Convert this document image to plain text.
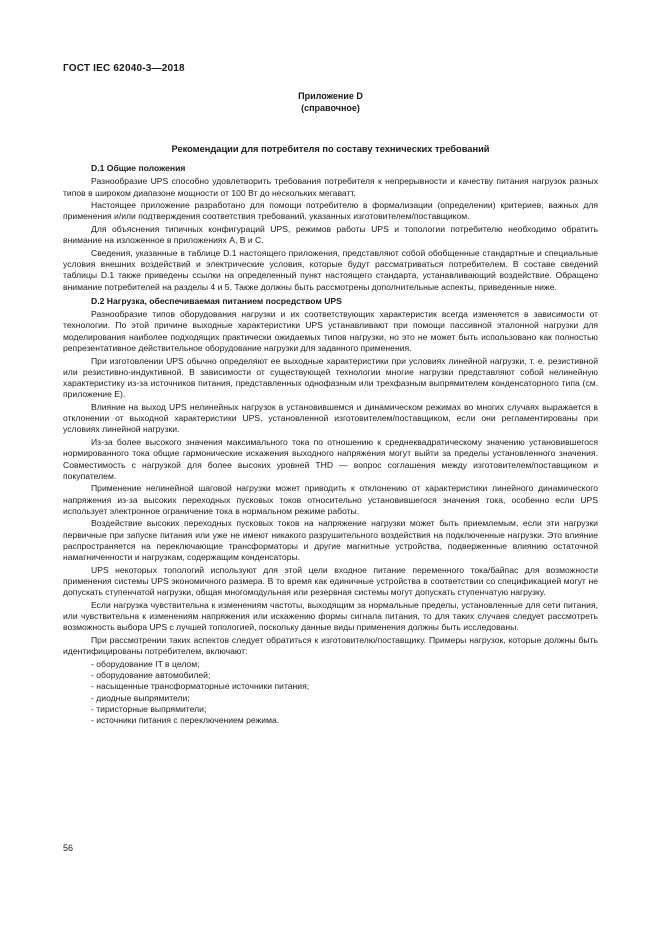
ГОСТ IEC 62040-3—2018
Приложение D
(справочное)
Рекомендации для потребителя по составу технических требований
D.1 Общие положения

Разнообразие UPS способно удовлетворить требования потребителя к непрерывности и качеству питания нагрузок разных типов в широком диапазоне мощности от 100 Вт до нескольких мегаватт.

Настоящее приложение разработано для помощи потребителю в формализации (определении) критериев, важных для применения и/или подтверждения соответствия требований, указанных изготовителем/поставщиком.

Для объяснения типичных конфигураций UPS, режимов работы UPS и топологии потребителю необходимо обратить внимание на изложенное в приложениях А, В и С.

Сведения, указанные в таблице D.1 настоящего приложения, представляют собой обобщенные стандартные и специальные условия внешних воздействий и электрические условия, которые будут рассматриваться потребителем. В составе сведений таблицы D.1 также приведены ссылки на определенный пункт настоящего стандарта, устанавливающий воздействие. Обращено внимание потребителей на разделы 4 и 5. Также должны быть рассмотрены дополнительные аспекты, приведенные ниже.

D.2 Нагрузка, обеспечиваемая питанием посредством UPS

Разнообразие типов оборудования нагрузки и их соответствующих характеристик всегда изменяется в зависимости от технологии. По этой причине выходные характеристики UPS устанавливают при помощи пассивной эталонной нагрузки для моделирования наиболее подходящих практически ожидаемых типов нагрузки, но это не может быть использовано как полностью репрезентативное действительное оборудование нагрузки для заданного применения.

При изготовлении UPS обычно определяют ее выходные характеристики при условиях линейной нагрузки, т. е. резистивной или резистивно-индуктивной. В зависимости от существующей технологии многие нагрузки представляют собой нелинейную характеристику из-за источников питания, представленных однофазным или трехфазным выпрямителем конденсаторного типа (см. приложение Е).

Влияние на выход UPS нелинейных нагрузок в установившемся и динамическом режимах во многих случаях выражается в отклонении от выходной характеристики UPS, установленной изготовителем/поставщиком, если они регламентированы при условиях линейной нагрузки.

Из-за более высокого значения максимального тока по отношению к среднеквадратическому значению установившегося нормированного тока общие гармонические искажения выходного напряжения могут выйти за пределы установленного значения. Совместимость с нагрузкой для более высоких уровней THD — вопрос соглашения между изготовителем/поставщиком и покупателем.

Применение нелинейной шаговой нагрузки может приводить к отклонению от характеристики линейного динамического напряжения из-за высоких переходных пусковых токов относительно установившегося значения тока, особенно если UPS использует электронное ограничение тока в нормальном режиме работы.

Воздействие высоких переходных пусковых токов на напряжение нагрузки может быть приемлемым, если эти нагрузки первичные при запуске питания или уже не имеют никакого разрушительного воздействия на подключенные нагрузки. Это влияние распространяется на переключающие трансформаторы и другие магнитные устройства, подверженные влиянию остаточной намагниченности и нагрузкам, содержащим конденсаторы.

UPS некоторых топологий используют для этой цели входное питание переменного тока/байпас для возможности применения системы UPS экономичного размера. В то время как единичные устройства в соответствии со спецификацией могут не допускать ступенчатой нагрузки, общая многомодульная или резервная системы могут допускать ступенчатую нагрузку.

Если нагрузка чувствительна к изменениям частоты, выходящим за нормальные пределы, установленные для сети питания, или чувствительна к изменениям напряжения или искажению формы сигнала питания, то для таких случаев следует рассмотреть возможность выбора UPS с лучшей топологией, поскольку данные виды применения должны быть исследованы.

При рассмотрении таких аспектов следует обратиться к изготовителю/поставщику. Примеры нагрузок, которые должны быть идентифицированы потребителем, включают:

- оборудование IT в целом;
- оборудование автомобилей;
- насыщенные трансформаторные источники питания;
- диодные выпрямители;
- тиристорные выпрямители;
- источники питания с переключением режима.
56
